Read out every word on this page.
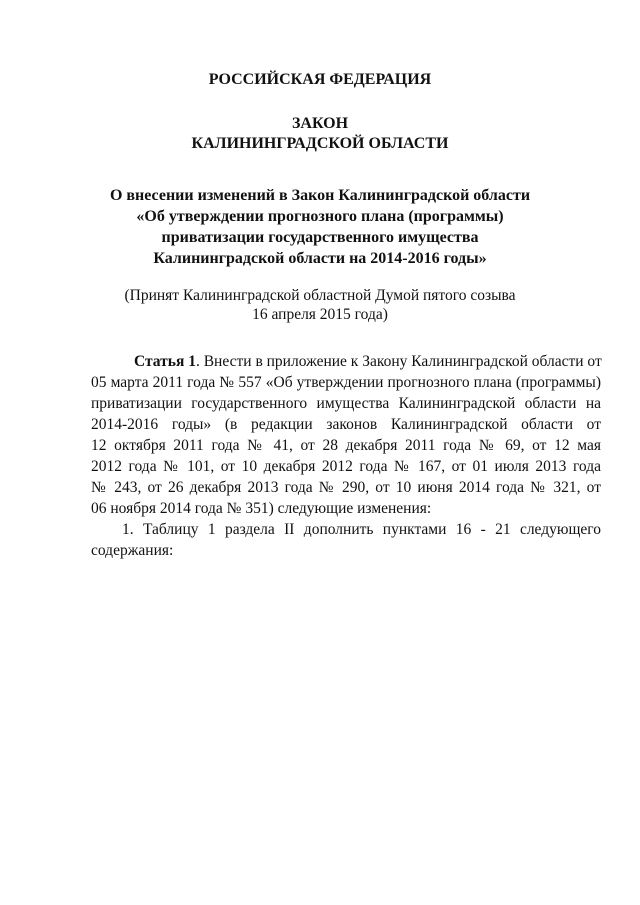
РОССИЙСКАЯ ФЕДЕРАЦИЯ
ЗАКОН
КАЛИНИНГРАДСКОЙ ОБЛАСТИ
О внесении изменений в Закон Калининградской области
«Об утверждении прогнозного плана (программы)
приватизации государственного имущества
Калининградской области на 2014-2016 годы»
(Принят Калининградской областной Думой пятого созыва
16 апреля 2015 года)
Статья 1. Внести в приложение к Закону Калининградской области от
05 марта 2011 года № 557 «Об утверждении прогнозного плана (программы)
приватизации государственного имущества Калининградской области на
2014-2016 годы» (в редакции законов Калининградской области от
12 октября 2011 года № 41, от 28 декабря 2011 года № 69, от 12 мая
2012 года № 101, от 10 декабря 2012 года № 167, от 01 июля 2013 года
№ 243, от 26 декабря 2013 года № 290, от 10 июня 2014 года № 321, от
06 ноября 2014 года № 351) следующие изменения:
1. Таблицу 1 раздела II дополнить пунктами 16 - 21 следующего
содержания:
